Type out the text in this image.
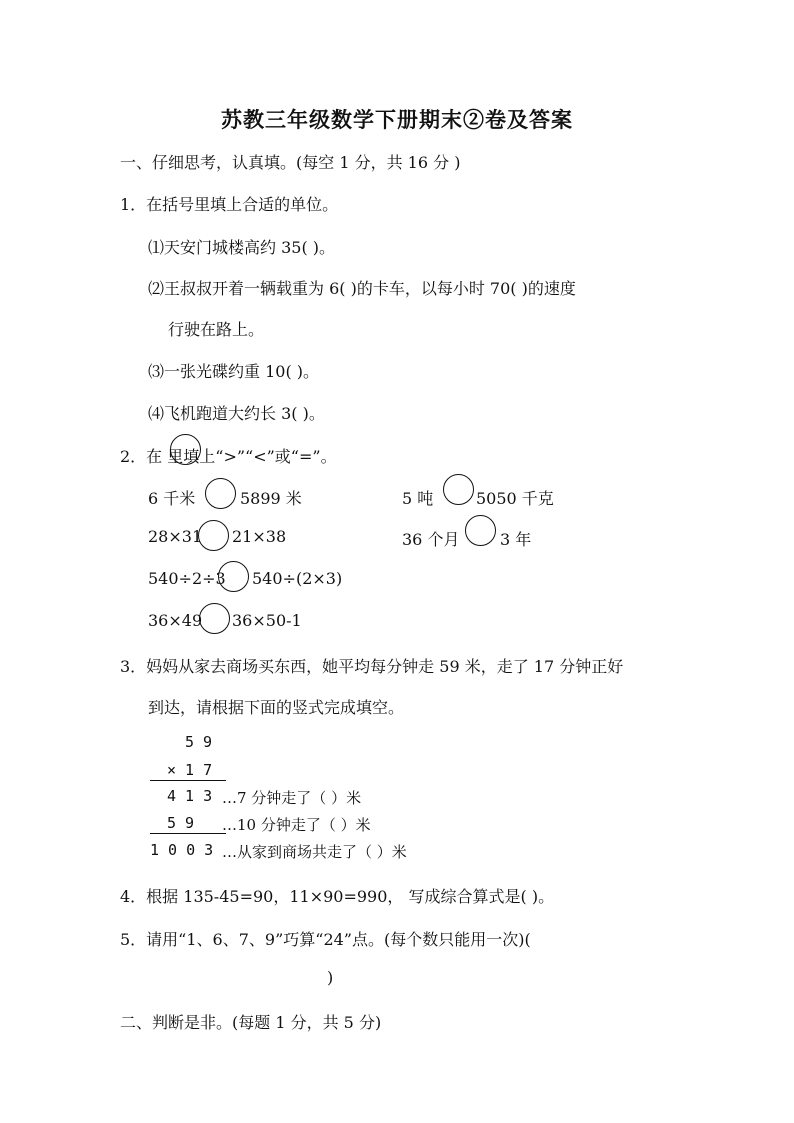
苏教三年级数学下册期末②卷及答案
一、仔细思考，认真填。(每空 1 分，共 16 分 )
1．在括号里填上合适的单位。
⑴天安门城楼高约 35( )。
⑵王叔叔开着一辆载重为 6( )的卡车，以每小时 70( )的速度
行驶在路上。
⑶一张光碟约重 10( )。
⑷飞机跑道大约长 3( )。
2．在 里填上“>”“<”或“=”。
6 千米	5899 米	5 吨	5050 千克
28×31 21×38	36 个月	3 年
540÷2÷3 540÷(2×3)
36×49 36×50-1
3．妈妈从家去商场买东西，她平均每分钟走 59 米，走了 17 分钟正好
到达，请根据下面的竖式完成填空。
5 9
× 1 7
4 1 3 …7 分钟走了（ ）米
5 9 …10 分钟走了（ ）米
1 0 0 3 …从家到商场共走了（ ）米
4．根据 135-45=90，11×90=990， 写成综合算式是( )。
5．请用“1、6、7、9”巧算“24”点。(每个数只能用一次)(
)
二、判断是非。(每题 1 分，共 5 分)
